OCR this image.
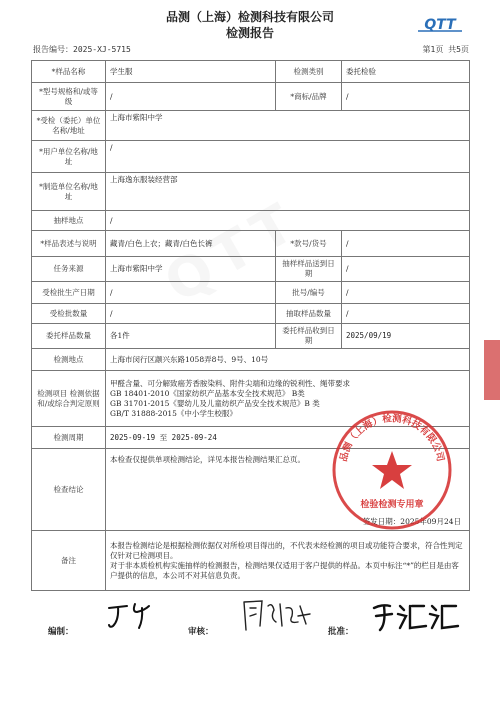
品测（上海）检测科技有限公司
检测报告	QTT
报告编号：2025-XJ-5715	第1页 共5页
*样品名称	学生服	检测类别	委托检验
*型号规格和/或等级	/	*商标/品牌	/
*受检（委托）单位名称/地址	上海市紫阳中学		
*用户单位名称/地址	/		
*制造单位名称/地址	上海逸东服装经营部		
抽样地点	/		
*样品表述与说明	藏青/白色上衣；藏青/白色长裤	*款号/货号	/
任务来源	上海市紫阳中学	抽样样品送到日期	/
受检批生产日期	/	批号/编号	/
受检批数量	/	抽取样品数量	/
委托样品数量	各1件	委托样品收到日期	2025/09/19
检测地点	上海市闵行区颛兴东路1058弄8号、9号、10号		
检测项目 检测依据和/或综合判定原则	甲醛含量、可分解致癌芳香胺染料、附件尖端和边缘的锐利性、绳带要求
GB 18401-2010《国家纺织产品基本安全技术规范》 B类
GB 31701-2015《婴幼儿及儿童纺织产品安全技术规范》B 类
GB/T 31888-2015《中小学生校服》		

检测周期	2025-09-19 至 2025-09-24		
检查结论	本检查仅提供单项检测结论，详见本报告检测结果汇总页。
签发日期：2025年09月24日		

备注	本报告检测结论是根据检测依据仅对所检项目得出的，不代表未经检测的项目或功能符合要求，符合性判定仅针对已检测项目。
对于非本质检机构实施抽样的检测报告，检测结果仅适用于客户提供的样品。本页中标注“*”的栏目是由客户提供的信息，本公司不对其信息负责。		
品测（上海）检测科技有限公司
检验检测专用章
编制：	审核：	批准：
